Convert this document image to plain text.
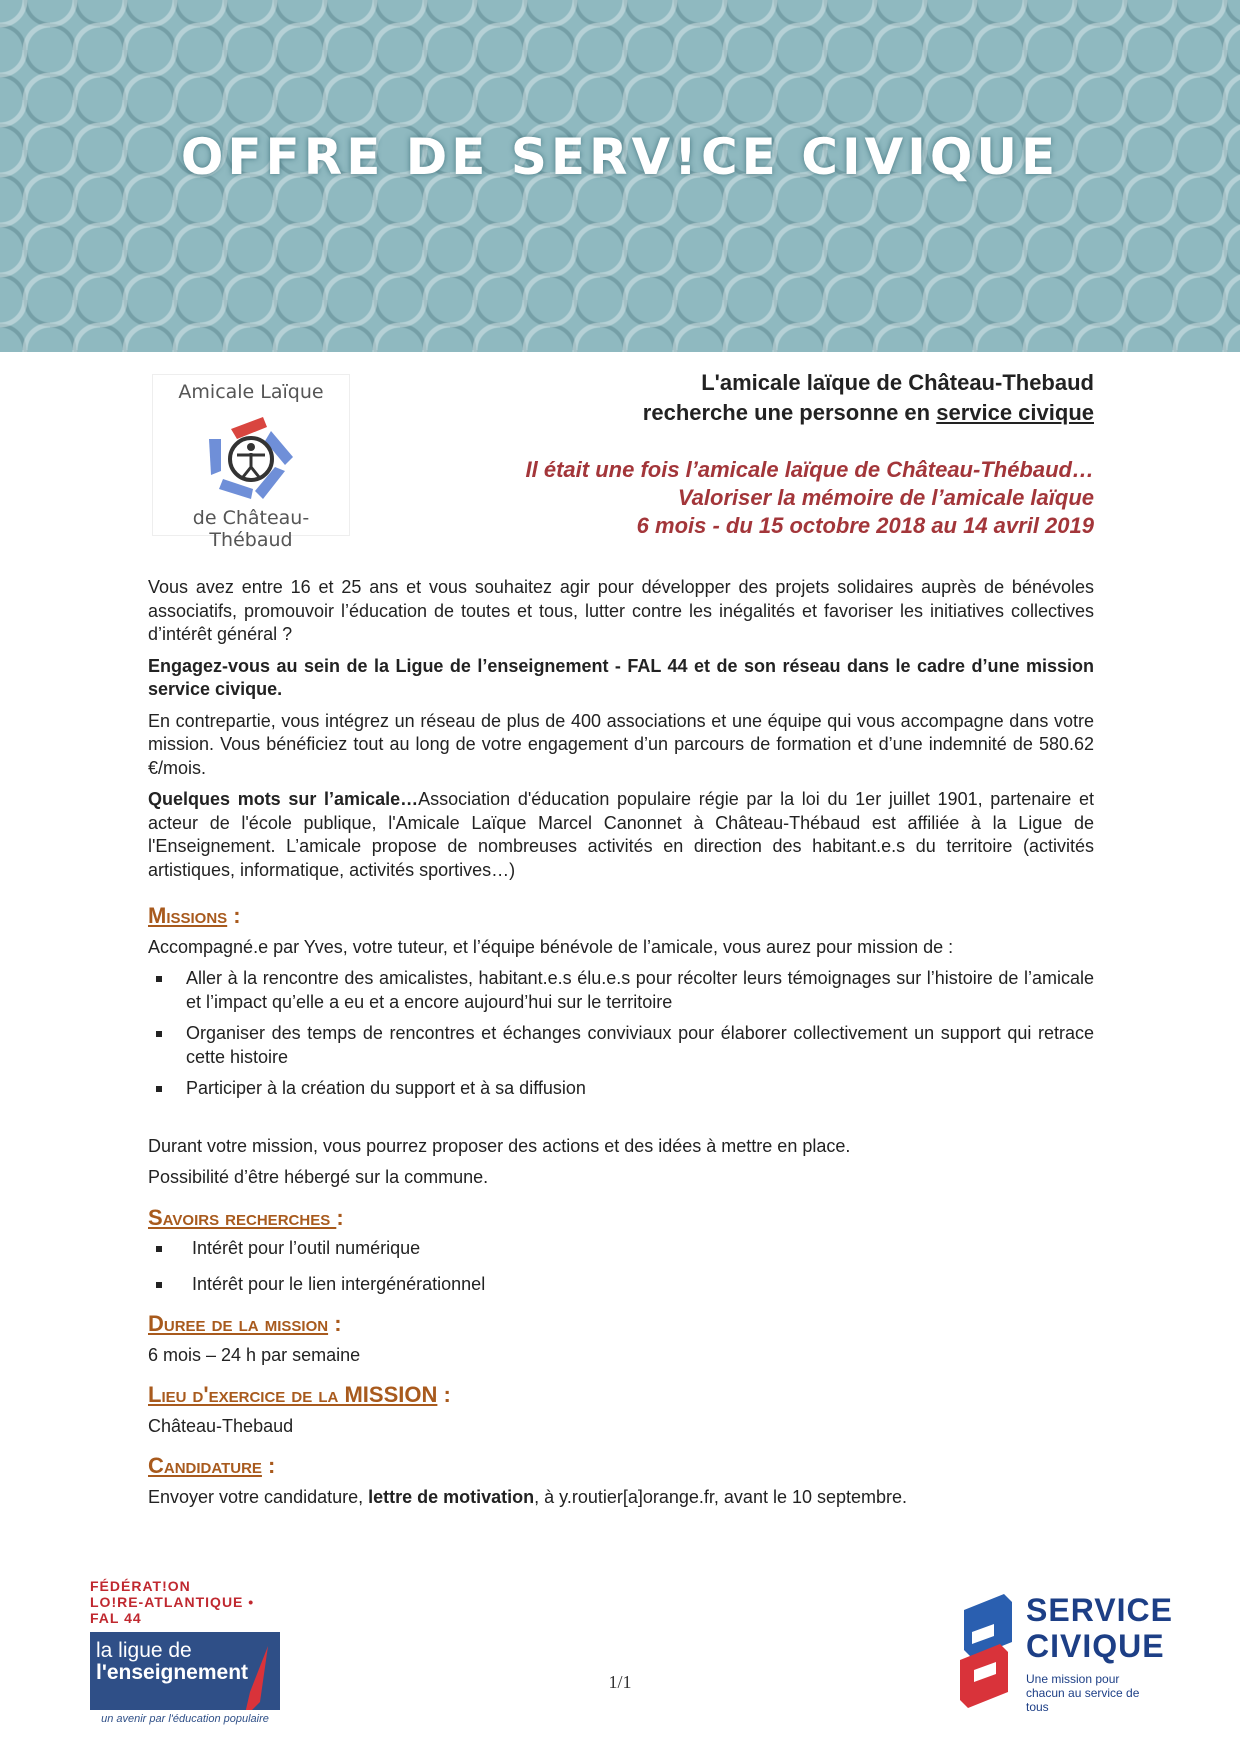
OFFRE DE SERV!CE CIVIQUE
Amicale Laïque
de Château-Thébaud
L'amicale laïque de Château-Thebaud
recherche une personne en service civique
Il était une fois l’amicale laïque de Château-Thébaud…
Valoriser la mémoire de l’amicale laïque
6 mois - du 15 octobre 2018 au 14 avril 2019

Vous avez entre 16 et 25 ans et vous souhaitez agir pour développer des projets solidaires auprès de bénévoles associatifs, promouvoir l’éducation de toutes et tous, lutter contre les inégalités et favoriser les initiatives collectives d’intérêt général ?

Engagez-vous au sein de la Ligue de l’enseignement - FAL 44 et de son réseau dans le cadre d’une mission service civique.

En contrepartie, vous intégrez un réseau de plus de 400 associations et une équipe qui vous accompagne dans votre mission. Vous bénéficiez tout au long de votre engagement d’un parcours de formation et d’une indemnité de 580.62 €/mois.

Quelques mots sur l’amicale…Association d'éducation populaire régie par la loi du 1er juillet 1901, partenaire et acteur de l'école publique, l'Amicale Laïque Marcel Canonnet à Château-Thébaud est affiliée à la Ligue de l'Enseignement. L’amicale propose de nombreuses activités en direction des habitant.e.s du territoire (activités artistiques, informatique, activités sportives…)

Missions :

Accompagné.e par Yves, votre tuteur, et l’équipe bénévole de l’amicale, vous aurez pour mission de :

Aller à la rencontre des amicalistes, habitant.e.s élu.e.s pour récolter leurs témoignages sur l’histoire de l’amicale et l’impact qu’elle a eu et a encore aujourd’hui sur le territoire
Organiser des temps de rencontres et échanges conviviaux pour élaborer collectivement un support qui retrace cette histoire
Participer à la création du support et à sa diffusion

Durant votre mission, vous pourrez proposer des actions et des idées à mettre en place.

Possibilité d’être hébergé sur la commune.

Savoirs recherches :
Intérêt pour l’outil numérique
Intérêt pour le lien intergénérationnel
Duree de la mission :

6 mois – 24 h par semaine

Lieu d'exercice de la MISSION :

Château-Thebaud

Candidature :

Envoyer votre candidature, lettre de motivation, à y.routier[a]orange.fr, avant le 10 septembre.

FÉDÉRAT!ON
LO!RE-ATLANTIQUE • FAL 44
la ligue de
l'enseignement
un avenir par l'éducation populaire
1/1
SERVICE
CIVIQUE
Une mission pour chacun au service de tous
